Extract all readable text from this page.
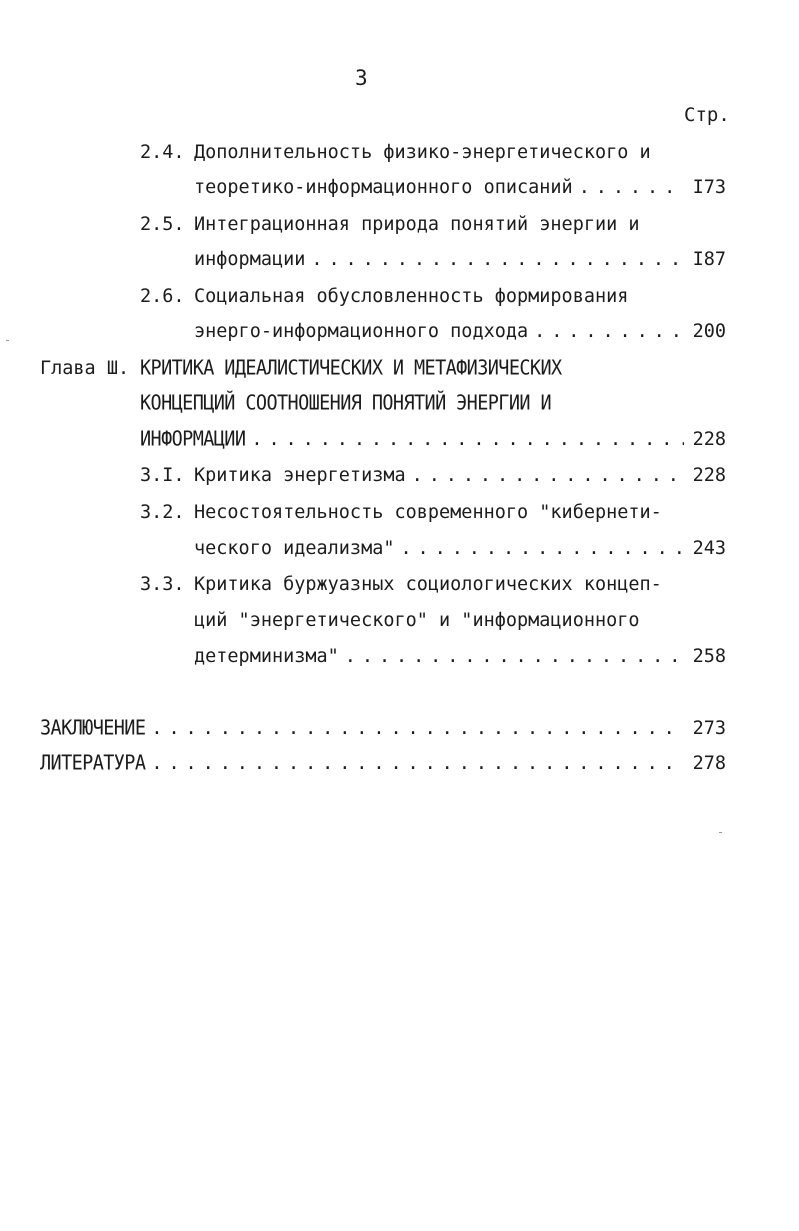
3
Стр.
2.4. Дополнительность физико-энергетического и
теоретико-информационного описаний . . .	I73
2.5. Интеграционная природа понятий энергии и
информации . . .	I87
2.6. Социальная обусловленность формирования
энерго-информационного подхода . . .	200
Глава Ш. КРИТИКА ИДЕАЛИСТИЧЕСКИХ И МЕТАФИЗИЧЕСКИХ
КОНЦЕПЦИЙ СООТНОШЕНИЯ ПОНЯТИЙ ЭНЕРГИИ И
ИНФОРМАЦИИ . . .	228
3.I. Критика энергетизма . . .	228
3.2. Несостоятельность современного "кибернети-
ческого идеализма" . . .	243
3.3. Критика буржуазных социологических концеп-
ций "энергетического" и "информационного
детерминизма" . . .	258
ЗАКЛЮЧЕНИЕ . . .	273
ЛИТЕРАТУРА . . .	278
